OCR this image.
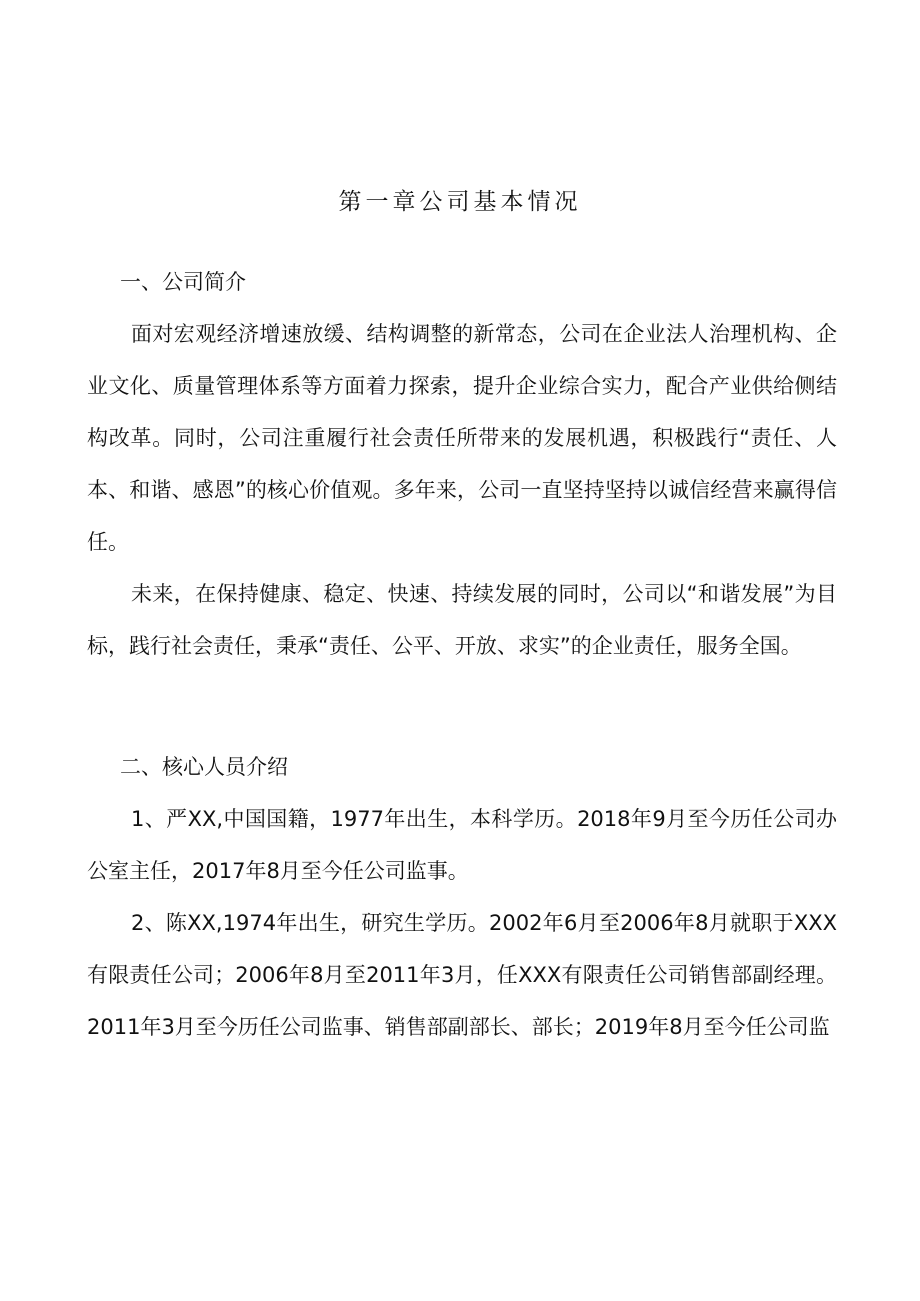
第一章公司基本情况
一、公司简介
面对宏观经济增速放缓、结构调整的新常态，公司在企业法人治理机构、企业文化、质量管理体系等方面着力探索，提升企业综合实力，配合产业供给侧结构改革。同时，公司注重履行社会责任所带来的发展机遇，积极践行“责任、人本、和谐、感恩”的核心价值观。多年来，公司一直坚持坚持以诚信经营来赢得信任。
未来，在保持健康、稳定、快速、持续发展的同时，公司以“和谐发展”为目标，践行社会责任，秉承“责任、公平、开放、求实”的企业责任，服务全国。
二、核心人员介绍
1、严XX,中国国籍，1977年出生，本科学历。2018年9月至今历任公司办公室主任，2017年8月至今任公司监事。
2、陈XX,1974年出生，研究生学历。2002年6月至2006年8月就职于XXX有限责任公司；2006年8月至2011年3月，任XXX有限责任公司销售部副经理。2011年3月至今历任公司监事、销售部副部长、部长；2019年8月至今任公司监
